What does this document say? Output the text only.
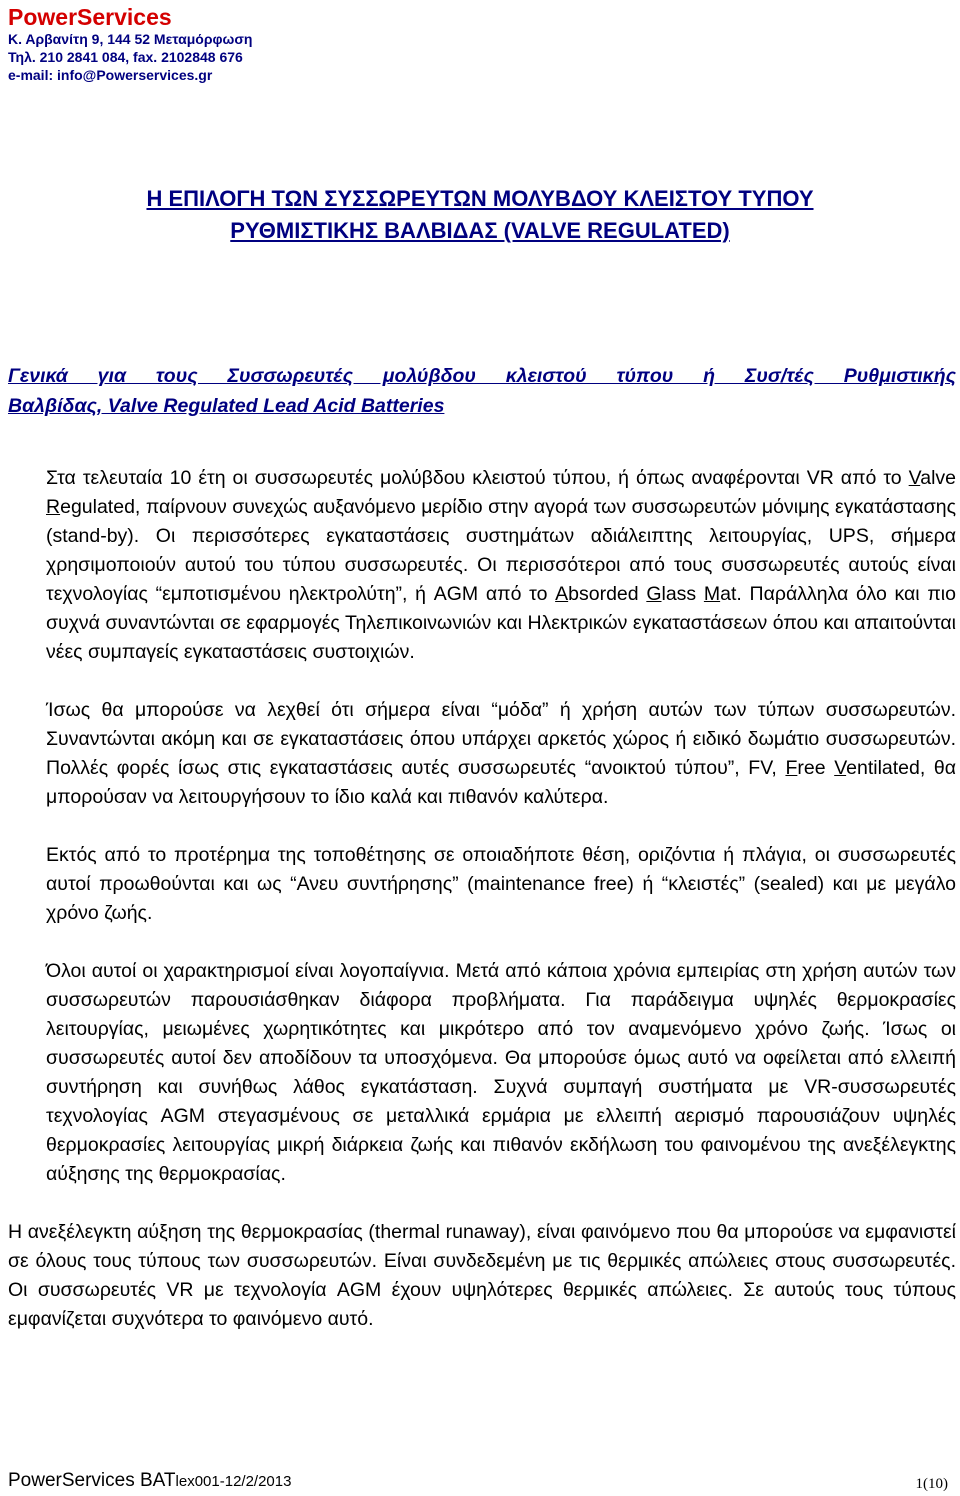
PowerServices
Κ. Αρβανίτη 9, 144 52 Μεταμόρφωση
Τηλ. 210 2841 084, fax. 2102848 676
e-mail: info@Powerservices.gr
Η ΕΠΙΛΟΓΗ ΤΩΝ ΣΥΣΣΩΡΕΥΤΩΝ ΜΟΛΥΒΔΟΥ ΚΛΕΙΣΤΟΥ ΤΥΠΟΥ
ΡΥΘΜΙΣΤΙΚΗΣ ΒΑΛΒΙΔΑΣ (VALVE REGULATED)
Γενικά για τους Συσσωρευτές μολύβδου κλειστού τύπου ή Συσ/τές Ρυθμιστικής
Βαλβίδας, Valve Regulated Lead Acid Batteries

Στα τελευταία 10 έτη οι συσσωρευτές μολύβδου κλειστού τύπου, ή όπως αναφέρονται VR από το Valve Regulated, παίρνουν συνεχώς αυξανόμενο μερίδιο στην αγορά των συσσωρευτών μόνιμης εγκατάστασης (stand-by). Οι περισσότερες εγκαταστάσεις συστημάτων αδιάλειπτης λειτουργίας, UPS, σήμερα χρησιμοποιούν αυτού του τύπου συσσωρευτές. Οι περισσότεροι από τους συσσωρευτές αυτούς είναι τεχνολογίας “εμποτισμένου ηλεκτρολύτη”, ή AGM από το Absorded Glass Mat. Παράλληλα όλο και πιο συχνά συναντώνται σε εφαρμογές Τηλεπικοινωνιών και Ηλεκτρικών εγκαταστάσεων όπου και απαιτούνται νέες συμπαγείς εγκαταστάσεις συστοιχιών.

Ίσως θα μπορούσε να λεχθεί ότι σήμερα είναι “μόδα” ή χρήση αυτών των τύπων συσσωρευτών. Συναντώνται ακόμη και σε εγκαταστάσεις όπου υπάρχει αρκετός χώρος ή ειδικό δωμάτιο συσσωρευτών. Πολλές φορές ίσως στις εγκαταστάσεις αυτές συσσωρευτές “ανοικτού τύπου”, FV, Free Ventilated, θα μπορούσαν να λειτουργήσουν το ίδιο καλά και πιθανόν καλύτερα.

Εκτός από το προτέρημα της τοποθέτησης σε οποιαδήποτε θέση, οριζόντια ή πλάγια, οι συσσωρευτές αυτοί προωθούνται και ως “Ανευ συντήρησης” (maintenance free) ή “κλειστές” (sealed) και με μεγάλο χρόνο ζωής.

Όλοι αυτοί οι χαρακτηρισμοί είναι λογοπαίγνια. Μετά από κάποια χρόνια εμπειρίας στη χρήση αυτών των συσσωρευτών παρουσιάσθηκαν διάφορα προβλήματα. Για παράδειγμα υψηλές θερμοκρασίες λειτουργίας, μειωμένες χωρητικότητες και μικρότερο από τον αναμενόμενο χρόνο ζωής. Ίσως οι συσσωρευτές αυτοί δεν αποδίδουν τα υποσχόμενα. Θα μπορούσε όμως αυτό να οφείλεται από ελλειπή συντήρηση και συνήθως λάθος εγκατάσταση. Συχνά συμπαγή συστήματα με VR-συσσωρευτές τεχνολογίας AGM στεγασμένους σε μεταλλικά ερμάρια με ελλειπή αερισμό παρουσιάζουν υψηλές θερμοκρασίες λειτουργίας μικρή διάρκεια ζωής και πιθανόν εκδήλωση του φαινομένου της ανεξέλεγκτης αύξησης της θερμοκρασίας.

Η ανεξέλεγκτη αύξηση της θερμοκρασίας (thermal runaway), είναι φαινόμενο που θα μπορούσε να εμφανιστεί σε όλους τους τύπους των συσσωρευτών. Είναι συνδεδεμένη με τις θερμικές απώλειες στους συσσωρευτές. Οι συσσωρευτές VR με τεχνολογία AGM έχουν υψηλότερες θερμικές απώλειες. Σε αυτούς τους τύπους εμφανίζεται συχνότερα το φαινόμενο αυτό.

PowerServices BATlex001-12/2/2013	1(10)
